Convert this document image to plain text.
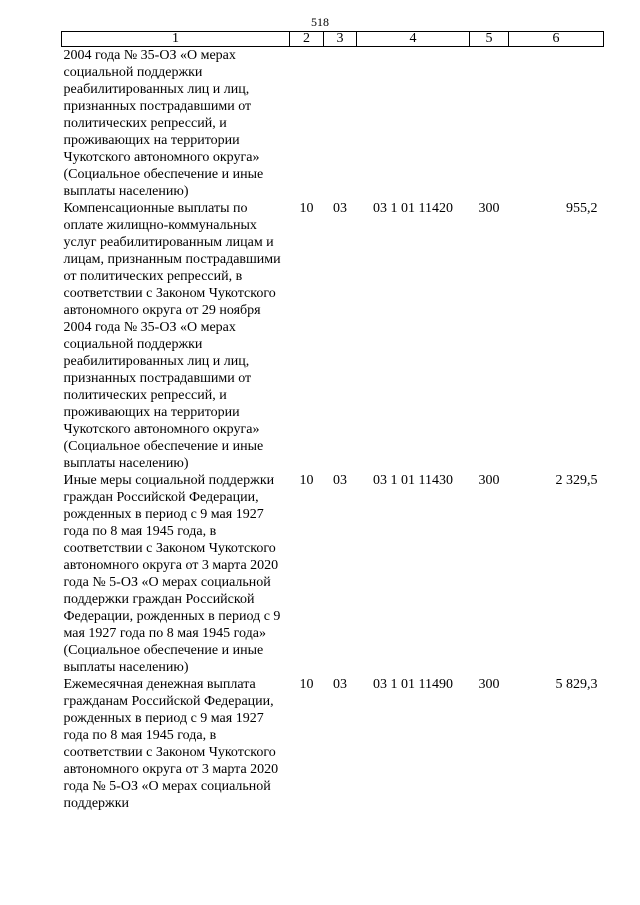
518
1	2	3	4	5	6
2004 года № 35-ОЗ «О мерах социальной поддержки реабилитированных лиц и лиц, признанных пострадавшими от политических репрессий, и проживающих на территории Чукотского автономного округа» (Социальное обеспечение и иные выплаты населению)					
Компенсационные выплаты по оплате жилищно-коммунальных услуг реабилитированным лицам и лицам, признанным пострадавшими от политических репрессий, в соответствии с Законом Чукотского автономного округа от 29 ноября 2004 года № 35-ОЗ «О мерах социальной поддержки реабилитированных лиц и лиц, признанных пострадавшими от политических репрессий, и проживающих на территории Чукотского автономного округа» (Социальное обеспечение и иные выплаты населению)	10	03	03 1 01 11420	300	955,2
Иные меры социальной поддержки граждан Российской Федерации, рожденных в период с 9 мая 1927 года по 8 мая 1945 года, в соответствии с Законом Чукотского автономного округа от 3 марта 2020 года № 5-ОЗ «О мерах социальной поддержки граждан Российской Федерации, рожденных в период с 9 мая 1927 года по 8 мая 1945 года» (Социальное обеспечение и иные выплаты населению)	10	03	03 1 01 11430	300	2 329,5
Ежемесячная денежная выплата гражданам Российской Федерации, рожденных в период с 9 мая 1927 года по 8 мая 1945 года, в соответствии с Законом Чукотского автономного округа от 3 марта 2020 года № 5-ОЗ «О мерах социальной поддержки	10	03	03 1 01 11490	300	5 829,3
